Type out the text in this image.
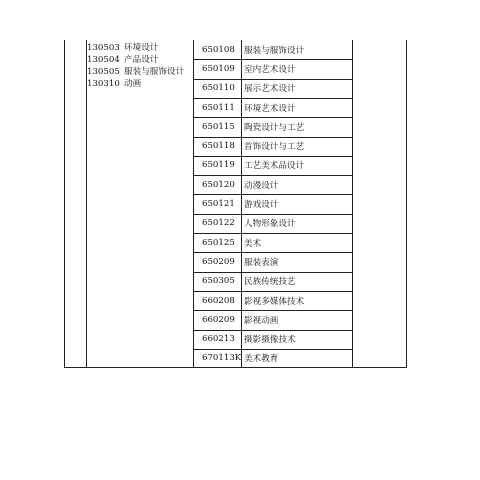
130503 环境设计
130504 产品设计
130505 服装与服饰设计
130310 动画
650108	服装与服饰设计
650109	室内艺术设计
650110	展示艺术设计
650111	环境艺术设计
650115	陶瓷设计与工艺
650118	首饰设计与工艺
650119	工艺美术品设计
650120	动漫设计
650121	游戏设计
650122	人物形象设计
650125	美术
650209	服装表演
650305	民族传统技艺
660208	影视多媒体技术
660209	影视动画
660213	摄影摄像技术
670113K 美术教育
